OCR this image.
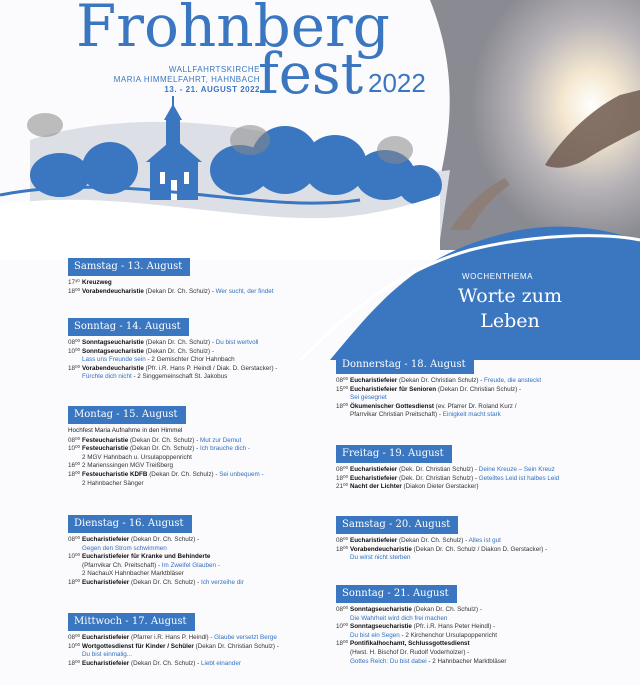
Frohnberg
fest 2022
WALLFAHRTSKIRCHE
MARIA HIMMELFAHRT, HAHNBACH
13. - 21. AUGUST 2022
WOCHENTHEMA
Worte zum
Leben
Samstag - 13. August
17³⁰ Kreuzweg
18⁰⁰ Vorabendeucharistie (Dekan Dr. Ch. Schulz) - Wer sucht, der findet
Sonntag - 14. August
08⁰⁰ Sonntagseucharistie (Dekan Dr. Ch. Schulz) - Du bist wertvoll
10⁰⁰ Sonntagseucharistie (Dekan Dr. Ch. Schulz) -
Lass uns Freunde sein - 2 Gemischter Chor Hahnbach
18⁰⁰ Vorabendeucharistie (Pfr. i.R. Hans P. Heindl / Diak. D. Gerstacker) -
Fürchte dich nicht - 2 Singgemeinschaft St. Jakobus
Montag - 15. August
Hochfest Maria Aufnahme in den Himmel
08⁰⁰ Festeucharistie (Dekan Dr. Ch. Schulz) - Mut zur Demut
10⁰⁰ Festeucharistie (Dekan Dr. Ch. Schulz) - Ich brauche dich -
2 MGV Hahnbach u. Ursulapoppenricht
16⁰⁰ 2 Marienssingen MGV Treißberg
18⁰⁰ Festeucharistie KDFB (Dekan Dr. Ch. Schulz) - Sei unbequem -
2 Hahnbacher Sänger
Dienstag - 16. August
08⁰⁰ Eucharistiefeier (Dekan Dr. Ch. Schulz) -
Gegen den Strom schwimmen
10⁰⁰ Eucharistiefeier für Kranke und Behinderte
(Pfarrvikar Ch. Preitschaft) - Im Zweifel Glauben -
2 NachauX Hahnbacher Marktbläser
18⁰⁰ Eucharistiefeier (Dekan Dr. Ch. Schulz) - Ich verzeihe dir
Mittwoch - 17. August
08⁰⁰ Eucharistiefeier (Pfarrer i.R. Hans P. Heindl) - Glaube versetzt Berge
10⁰⁰ Wortgottesdienst für Kinder / Schüler (Dekan Dr. Christian Schulz) -
Du bist einmalig...
18⁰⁰ Eucharistiefeier (Dekan Dr. Ch. Schulz) - Liebt einander
Donnerstag - 18. August
08⁰⁰ Eucharistiefeier (Dekan Dr. Christian Schulz) - Freude, die ansteckt
15⁰⁰ Eucharistiefeier für Senioren (Dekan Dr. Christian Schulz) -
Sei gesegnet
18⁰⁰ Ökumenischer Gottesdienst (ev. Pfarrer Dr. Roland Kurz /
Pfarrvikar Christian Preitschaft) - Einigkeit macht stark
Freitag - 19. August
08⁰⁰ Eucharistiefeier (Dek. Dr. Christian Schulz) - Deine Kreuze – Sein Kreuz
18⁰⁰ Eucharistiefeier (Dek. Dr. Christian Schulz) - Geteiltes Leid ist halbes Leid
21⁰⁰ Nacht der Lichter (Diakon Dieter Gerstacker)
Samstag - 20. August
08⁰⁰ Eucharistiefeier (Dekan Dr. Ch. Schulz) - Alles ist gut
18⁰⁰ Vorabendeucharistie (Dekan Dr. Ch. Schulz / Diakon D. Gerstacker) -
Du wirst nicht sterben
Sonntag - 21. August
08⁰⁰ Sonntagseucharistie (Dekan Dr. Ch. Schulz) -
Die Wahrheit wird dich frei machen
10⁰⁰ Sonntagseucharistie (Pfr. i.R. Hans Peter Heindl) -
Du bist ein Segen - 2 Kirchenchor Ursulapoppenricht
18⁰⁰ Pontifikalhochamt, Schlussgottesdienst
(Hwst. H. Bischof Dr. Rudolf Voderholzer) -
Gottes Reich: Du bist dabei - 2 Hahnbacher Marktbläser
